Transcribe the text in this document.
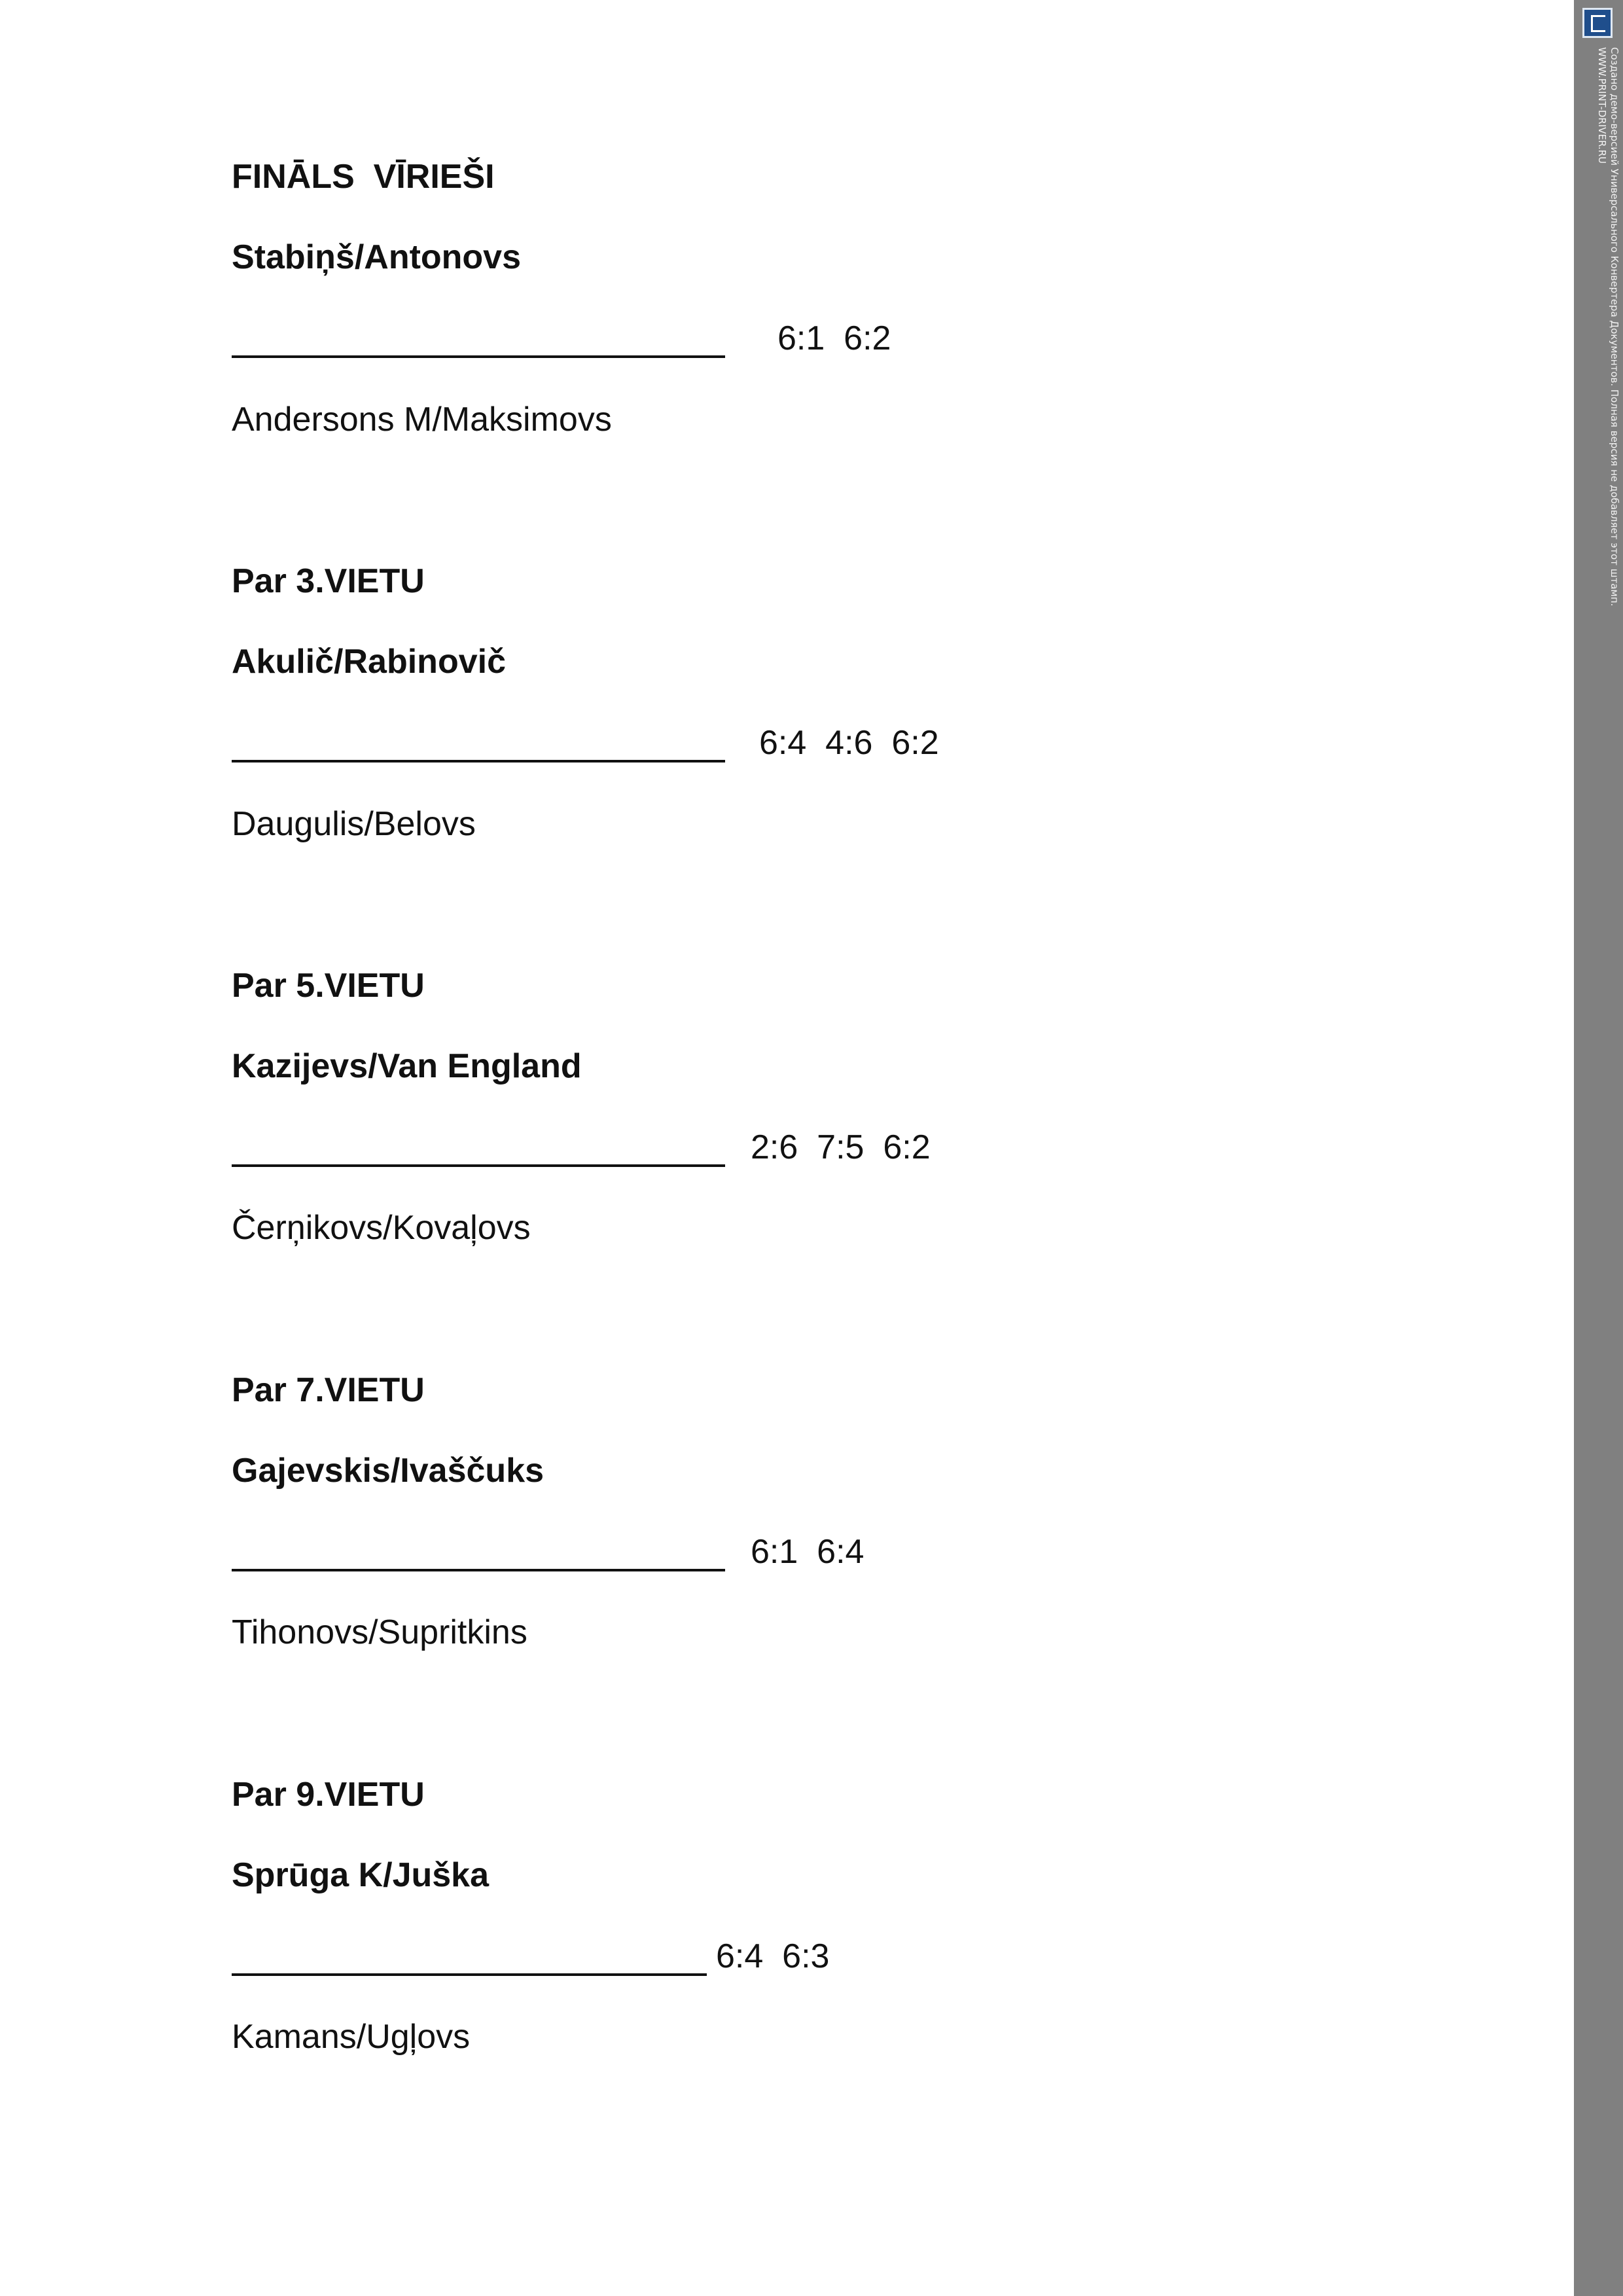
FINĀLS  VĪRIEŠI
Stabiņš/Antonovs
6:1  6:2
Andersons M/Maksimovs
Par 3.VIETU
Akulič/Rabinovič
6:4  4:6  6:2
Daugulis/Belovs
Par 5.VIETU
Kazijevs/Van England
2:6  7:5  6:2
Čerņikovs/Kovaļovs
Par 7.VIETU
Gajevskis/Ivaščuks
6:1  6:4
Tihonovs/Supritkins
Par 9.VIETU
Sprūga K/Juška
6:4  6:3
Kamans/Ugļovs
Создано демо-версией Универсального Конвертера Документов. Полная версия не добавляет этот штамп.
WWW.PRINT-DRIVER.RU
